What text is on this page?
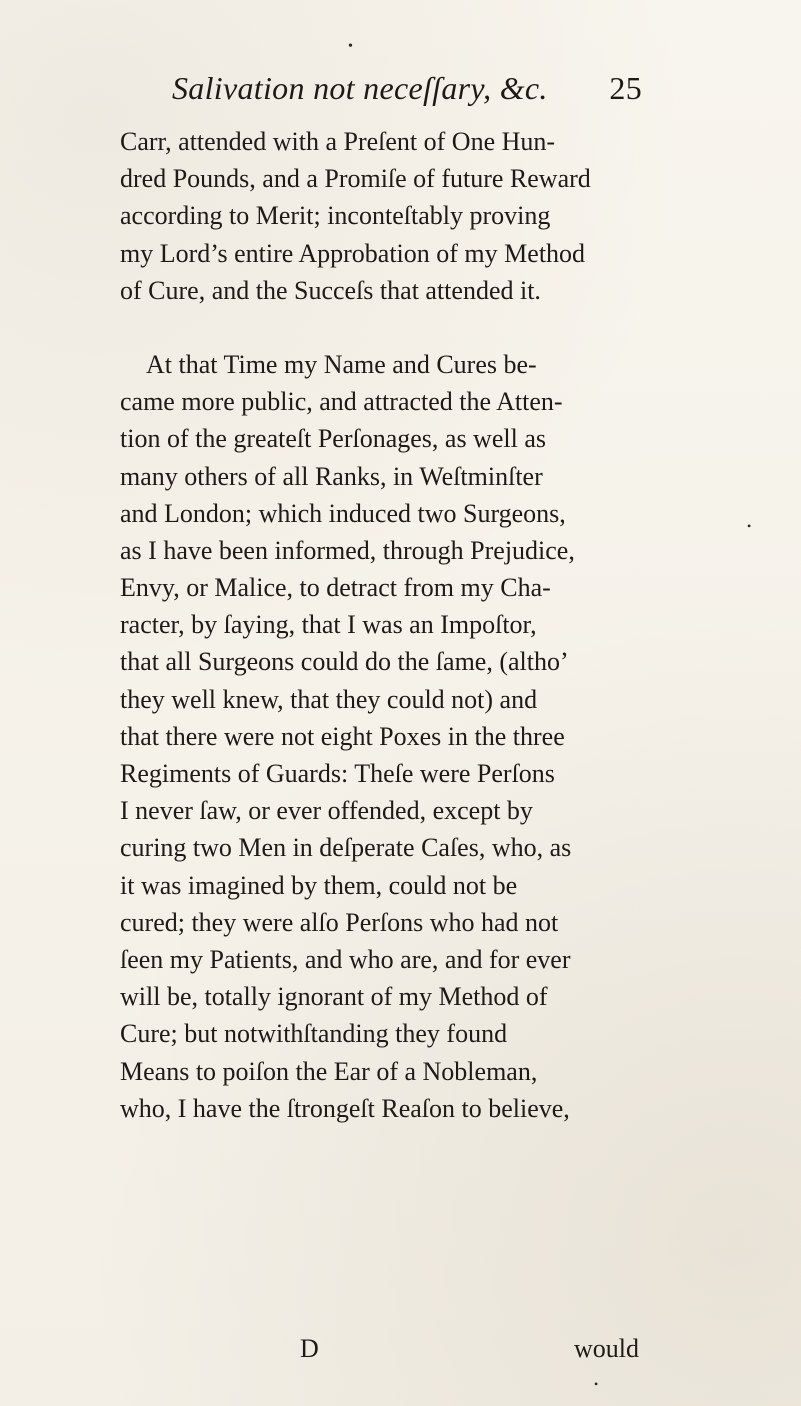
•
•
•
Salivation not neceſſary, &c. 25
Carr, attended with a Preſent of One Hun-
dred Pounds, and a Promiſe of future Reward
according to Merit; inconteſtably proving
my Lord’s entire Approbation of my Method
of Cure, and the Succeſs that attended it.
At that Time my Name and Cures be-
came more public, and attracted the Atten-
tion of the greateſt Perſonages, as well as
many others of all Ranks, in Weſtminſter
and London; which induced two Surgeons,
as I have been informed, through Prejudice,
Envy, or Malice, to detract from my Cha-
racter, by ſaying, that I was an Impoſtor,
that all Surgeons could do the ſame, (altho’
they well knew, that they could not) and
that there were not eight Poxes in the three
Regiments of Guards: Theſe were Perſons
I never ſaw, or ever offended, except by
curing two Men in deſperate Caſes, who, as
it was imagined by them, could not be
cured; they were alſo Perſons who had not
ſeen my Patients, and who are, and for ever
will be, totally ignorant of my Method of
Cure; but notwithſtanding they found
Means to poiſon the Ear of a Nobleman,
who, I have the ſtrongeſt Reaſon to believe,
D	would
